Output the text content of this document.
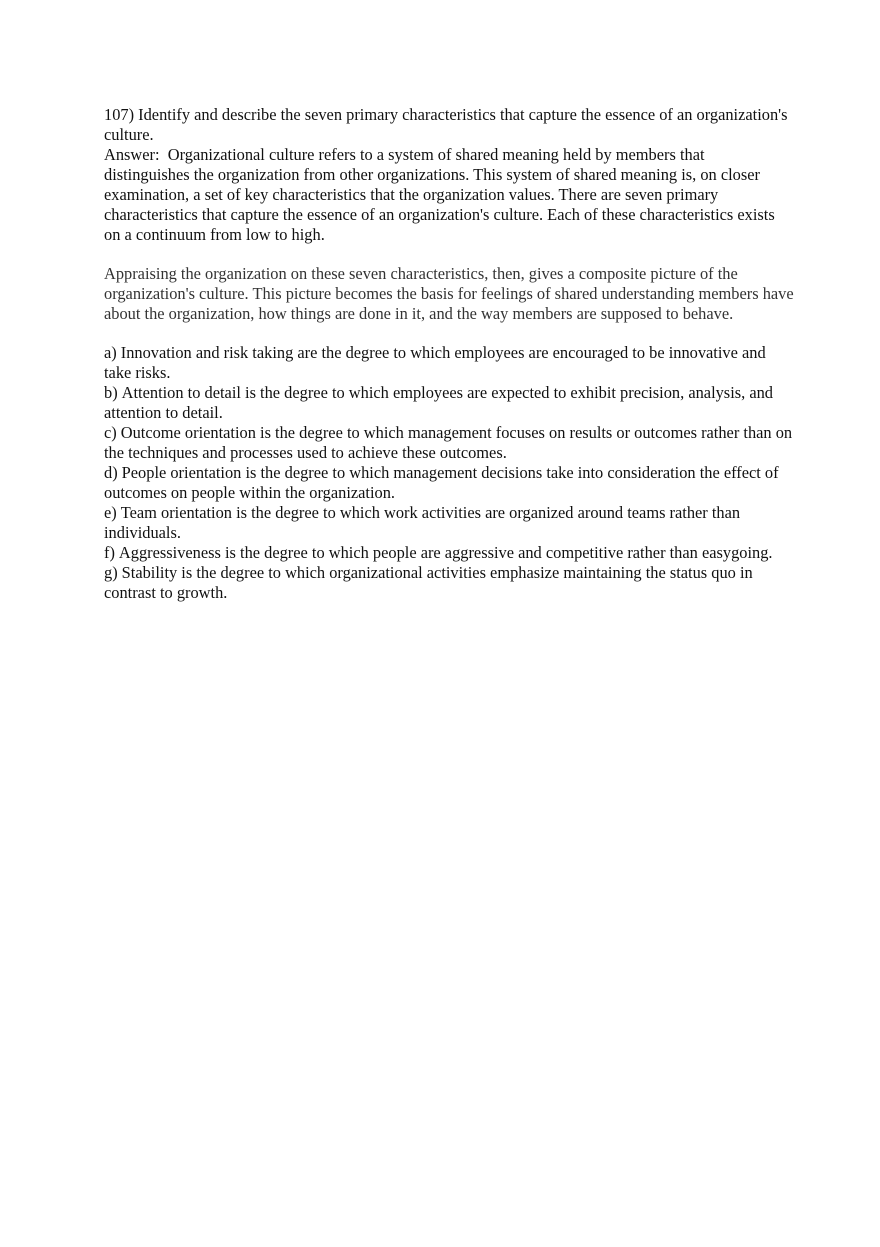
107) Identify and describe the seven primary characteristics that capture the essence of an organization's culture.

Answer: Organizational culture refers to a system of shared meaning held by members that distinguishes the organization from other organizations. This system of shared meaning is, on closer examination, a set of key characteristics that the organization values. There are seven primary characteristics that capture the essence of an organization's culture. Each of these characteristics exists on a continuum from low to high.

Appraising the organization on these seven characteristics, then, gives a composite picture of the organization's culture. This picture becomes the basis for feelings of shared understanding members have about the organization, how things are done in it, and the way members are supposed to behave.

a) Innovation and risk taking are the degree to which employees are encouraged to be innovative and take risks.

b) Attention to detail is the degree to which employees are expected to exhibit precision, analysis, and attention to detail.

c) Outcome orientation is the degree to which management focuses on results or outcomes rather than on the techniques and processes used to achieve these outcomes.

d) People orientation is the degree to which management decisions take into consideration the effect of outcomes on people within the organization.

e) Team orientation is the degree to which work activities are organized around teams rather than individuals.

f) Aggressiveness is the degree to which people are aggressive and competitive rather than easygoing.

g) Stability is the degree to which organizational activities emphasize maintaining the status quo in contrast to growth.
